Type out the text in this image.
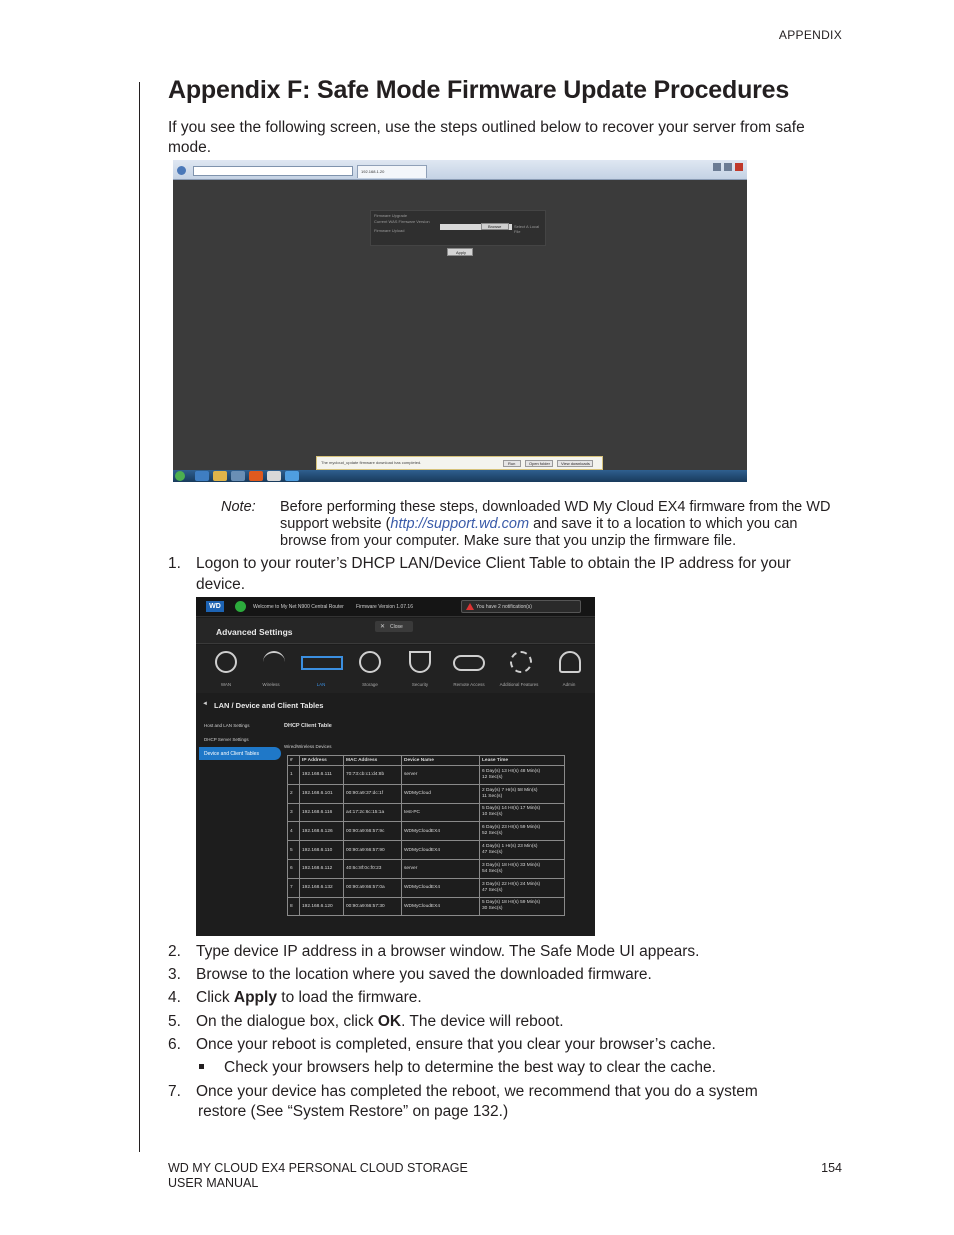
APPENDIX
Appendix F: Safe Mode Firmware Update Procedures

If you see the following screen, use the steps outlined below to recover your server from safe mode.

192.168.1.20
Firmware Upgrade
Current WAS Firmware Version
Firmware Upload
Browse	Select A Local File
Apply
The mycloud_update firmware download has completed.	Run	Open folder	View downloads
Note: Before performing these steps, downloaded WD My Cloud EX4 firmware from the WD support website (http://support.wd.com and save it to a location to which you can browse from your computer. Make sure that you unzip the firmware file.
1. Logon to your router’s DHCP LAN/Device Client Table to obtain the IP address for your
device.
WD	Welcome to My Net N900 Central Router Firmware Version 1.07.16	You have 2 notification(s)
Advanced Settings	✕ Close
WAN	Wireless	LAN	Storage	Security	Remote Access	Additional Features	Admin
◄ LAN / Device and Client Tables
Host and LAN Settings
DHCP Server Settings
Device and Client Tables
DHCP Client Table
Wired/Wireless Devices
#	IP Address	MAC Address	Device Name	Lease Time
1	192.168.6.111	70:73:cb:c1:d4:8b	server	6 Day(s) 13 Hr(s) 48 Min(s)
12 Sec(s)
2	192.168.6.101	00:90:a9:37:dc:1f	WDMyCloud	2 Day(s) 7 Hr(s) 58 Min(s)
11 Sec(s)
3	192.168.6.116	a4:17:2c:6c:15:1a	test-PC	5 Day(s) 14 Hr(s) 17 Min(s)
10 Sec(s)
4	192.168.6.126	00:90:a9:66:57:9c	WDMyCloudEX4	6 Day(s) 23 Hr(s) 59 Min(s)
52 Sec(s)
5	192.168.6.110	00:90:a9:66:57:90	WDMyCloudEX4	4 Day(s) 1 Hr(s) 23 Min(s)
47 Sec(s)
6	192.168.6.112	40:6c:8f:0c:f0:23	server	3 Day(s) 18 Hr(s) 33 Min(s)
54 Sec(s)
7	192.168.6.132	00:90:a9:66:57:0a	WDMyCloudEX4	3 Day(s) 22 Hr(s) 24 Min(s)
47 Sec(s)
8	192.168.6.120	00:90:a9:66:57:30	WDMyCloudEX4	5 Day(s) 18 Hr(s) 59 Min(s)
30 Sec(s)
2. Type device IP address in a browser window. The Safe Mode UI appears.
3. Browse to the location where you saved the downloaded firmware.
4. Click Apply to load the firmware.
5. On the dialogue box, click OK. The device will reboot.
6. Once your reboot is completed, ensure that you clear your browser’s cache.
Check your browsers help to determine the best way to clear the cache.
7. Once your device has completed the reboot, we recommend that you do a system
restore (See “System Restore” on page 132.)
WD MY CLOUD EX4 PERSONAL CLOUD STORAGE
USER MANUAL
154
